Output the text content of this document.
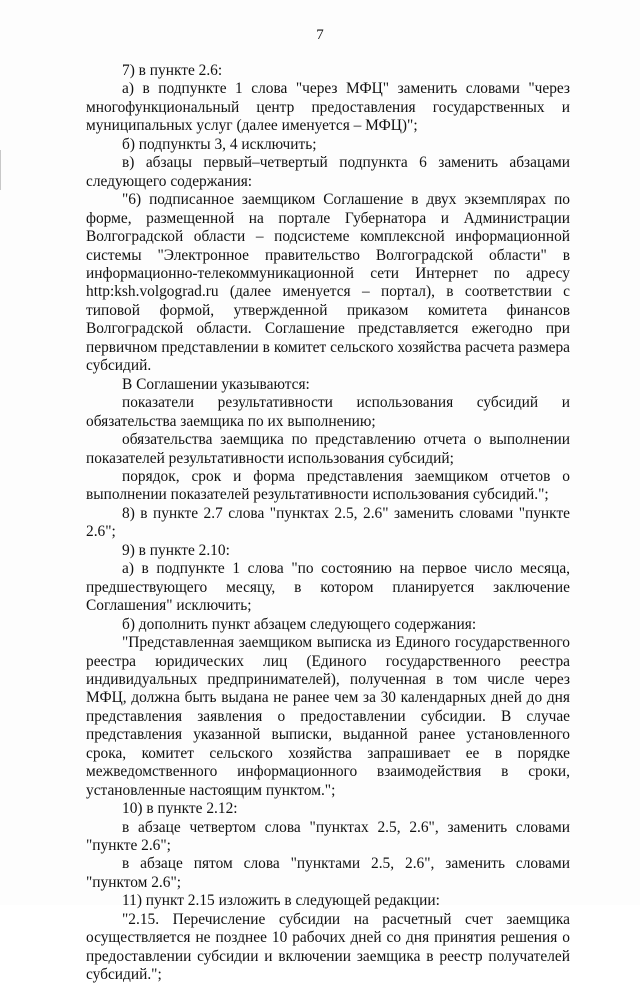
7

7) в пункте 2.6:

а) в подпункте 1 слова "через МФЦ" заменить словами "через многофункциональный центр предоставления государственных и муниципальных услуг (далее именуется – МФЦ)";

б) подпункты 3, 4 исключить;

в) абзацы первый–четвертый подпункта 6 заменить абзацами следующего содержания:

"6) подписанное заемщиком Соглашение в двух экземплярах по форме, размещенной на портале Губернатора и Администрации Волгоградской области – подсистеме комплексной информационной системы "Электронное правительство Волгоградской области" в информационно-телекоммуникационной сети Интернет по адресу http:ksh.volgograd.ru (далее именуется – портал), в соответствии с типовой формой, утвержденной приказом комитета финансов Волгоградской области. Соглашение представляется ежегодно при первичном представлении в комитет сельского хозяйства расчета размера субсидий.

В Соглашении указываются:

показатели результативности использования субсидий и обязательства заемщика по их выполнению;

обязательства заемщика по представлению отчета о выполнении показателей результативности использования субсидий;

порядок, срок и форма представления заемщиком отчетов о выполнении показателей результативности использования субсидий.";

8) в пункте 2.7 слова "пунктах 2.5, 2.6" заменить словами "пункте 2.6";

9) в пункте 2.10:

а) в подпункте 1 слова "по состоянию на первое число месяца, предшествующего месяцу, в котором планируется заключение Соглашения" исключить;

б) дополнить пункт абзацем следующего содержания:

"Представленная заемщиком выписка из Единого государственного реестра юридических лиц (Единого государственного реестра индивидуальных предпринимателей), полученная в том числе через МФЦ, должна быть выдана не ранее чем за 30 календарных дней до дня представления заявления о предоставлении субсидии. В случае представления указанной выписки, выданной ранее установленного срока, комитет сельского хозяйства запрашивает ее в порядке межведомственного информационного взаимодействия в сроки, установленные настоящим пунктом.";

10) в пункте 2.12:

в абзаце четвертом слова "пунктах 2.5, 2.6", заменить словами "пункте 2.6";

в абзаце пятом слова "пунктами 2.5, 2.6", заменить словами "пунктом 2.6";

11) пункт 2.15 изложить в следующей редакции:

"2.15. Перечисление субсидии на расчетный счет заемщика осуществляется не позднее 10 рабочих дней со дня принятия решения о предоставлении субсидии и включении заемщика в реестр получателей субсидий.";
